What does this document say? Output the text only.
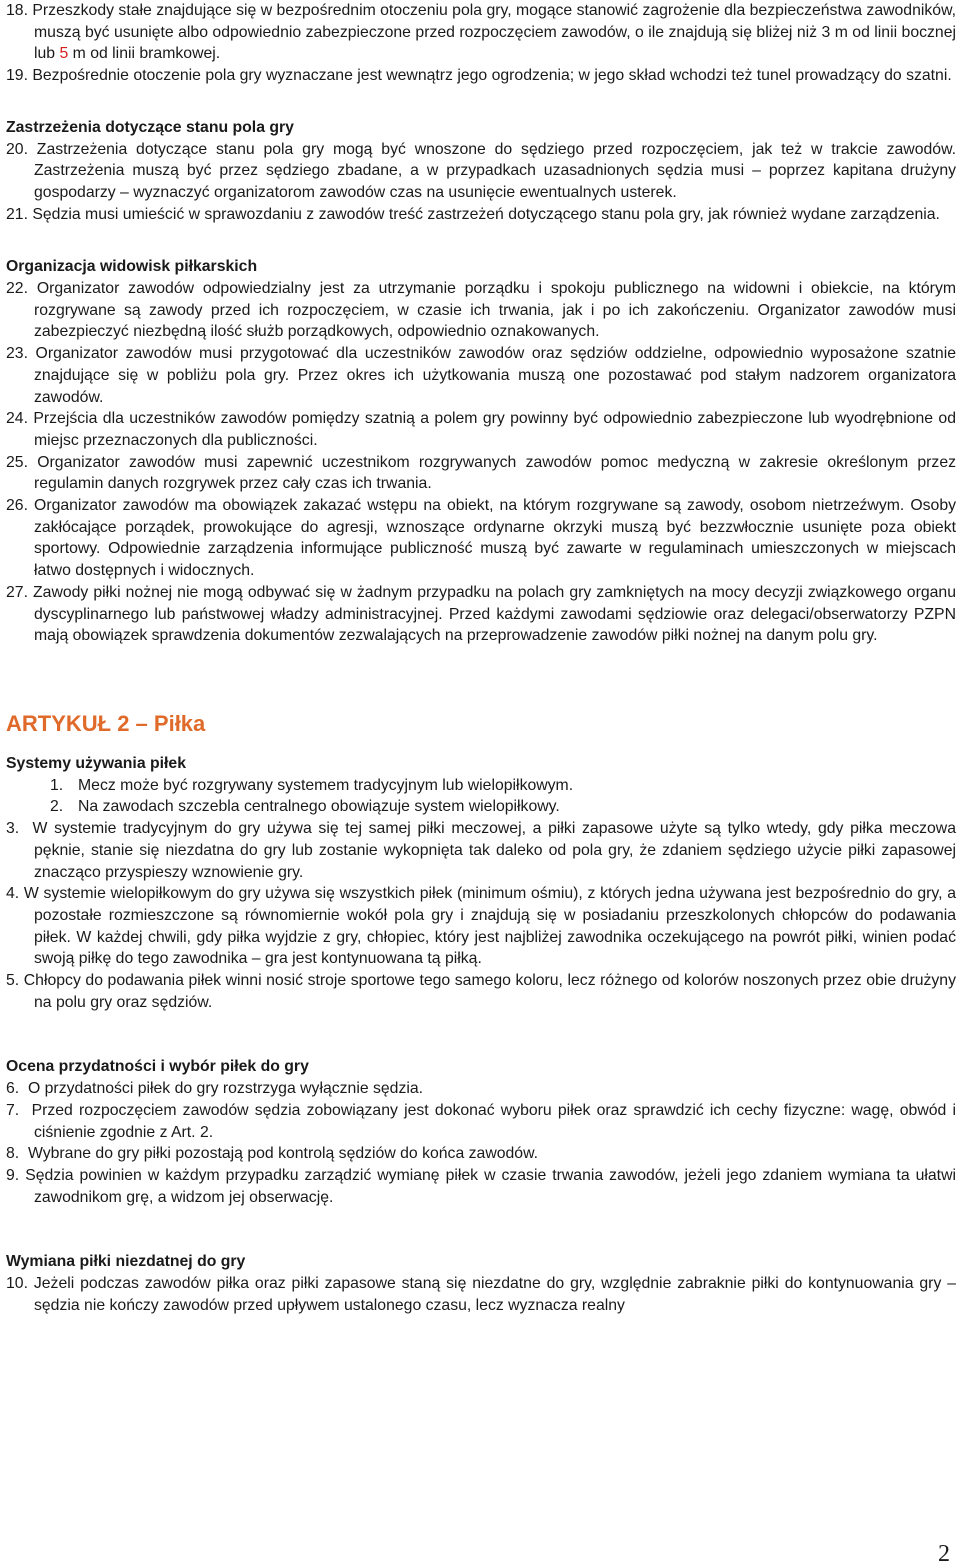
18. Przeszkody stałe znajdujące się w bezpośrednim otoczeniu pola gry, mogące stanowić zagrożenie dla bezpieczeństwa zawodników, muszą być usunięte albo odpowiednio zabezpieczone przed rozpoczęciem zawodów, o ile znajdują się bliżej niż 3 m od linii bocznej lub 5 m od linii bramkowej.

19. Bezpośrednie otoczenie pola gry wyznaczane jest wewnątrz jego ogrodzenia; w jego skład wchodzi też tunel prowadzący do szatni.

Zastrzeżenia dotyczące stanu pola gry

20. Zastrzeżenia dotyczące stanu pola gry mogą być wnoszone do sędziego przed rozpoczęciem, jak też w trakcie zawodów. Zastrzeżenia muszą być przez sędziego zbadane, a w przypadkach uzasadnionych sędzia musi – poprzez kapitana drużyny gospodarzy – wyznaczyć organizatorom zawodów czas na usunięcie ewentualnych usterek.

21. Sędzia musi umieścić w sprawozdaniu z zawodów treść zastrzeżeń dotyczącego stanu pola gry, jak również wydane zarządzenia.

Organizacja widowisk piłkarskich

22. Organizator zawodów odpowiedzialny jest za utrzymanie porządku i spokoju publicznego na widowni i obiekcie, na którym rozgrywane są zawody przed ich rozpoczęciem, w czasie ich trwania, jak i po ich zakończeniu. Organizator zawodów musi zabezpieczyć niezbędną ilość służb porządkowych, odpowiednio oznakowanych.

23. Organizator zawodów musi przygotować dla uczestników zawodów oraz sędziów oddzielne, odpowiednio wyposażone szatnie znajdujące się w pobliżu pola gry. Przez okres ich użytkowania muszą one pozostawać pod stałym nadzorem organizatora zawodów.

24. Przejścia dla uczestników zawodów pomiędzy szatnią a polem gry powinny być odpowiednio zabezpieczone lub wyodrębnione od miejsc przeznaczonych dla publiczności.

25. Organizator zawodów musi zapewnić uczestnikom rozgrywanych zawodów pomoc medyczną w zakresie określonym przez regulamin danych rozgrywek przez cały czas ich trwania.

26. Organizator zawodów ma obowiązek zakazać wstępu na obiekt, na którym rozgrywane są zawody, osobom nietrzeźwym. Osoby zakłócające porządek, prowokujące do agresji, wznoszące ordynarne okrzyki muszą być bezzwłocznie usunięte poza obiekt sportowy. Odpowiednie zarządzenia informujące publiczność muszą być zawarte w regulaminach umieszczonych w miejscach łatwo dostępnych i widocznych.

27. Zawody piłki nożnej nie mogą odbywać się w żadnym przypadku na polach gry zamkniętych na mocy decyzji związkowego organu dyscyplinarnego lub państwowej władzy administracyjnej. Przed każdymi zawodami sędziowie oraz delegaci/obserwatorzy PZPN mają obowiązek sprawdzenia dokumentów zezwalających na przeprowadzenie zawodów piłki nożnej na danym polu gry.

ARTYKUŁ 2 – Piłka

Systemy używania piłek

1. Mecz może być rozgrywany systemem tradycyjnym lub wielopiłkowym.

2. Na zawodach szczebla centralnego obowiązuje system wielopiłkowy.

3. W systemie tradycyjnym do gry używa się tej samej piłki meczowej, a piłki zapasowe użyte są tylko wtedy, gdy piłka meczowa pęknie, stanie się niezdatna do gry lub zostanie wykopnięta tak daleko od pola gry, że zdaniem sędziego użycie piłki zapasowej znacząco przyspieszy wznowienie gry.

4. W systemie wielopiłkowym do gry używa się wszystkich piłek (minimum ośmiu), z których jedna używana jest bezpośrednio do gry, a pozostałe rozmieszczone są równomiernie wokół pola gry i znajdują się w posiadaniu przeszkolonych chłopców do podawania piłek. W każdej chwili, gdy piłka wyjdzie z gry, chłopiec, który jest najbliżej zawodnika oczekującego na powrót piłki, winien podać swoją piłkę do tego zawodnika – gra jest kontynuowana tą piłką.

5. Chłopcy do podawania piłek winni nosić stroje sportowe tego samego koloru, lecz różnego od kolorów noszonych przez obie drużyny na polu gry oraz sędziów.

Ocena przydatności i wybór piłek do gry

6. O przydatności piłek do gry rozstrzyga wyłącznie sędzia.

7. Przed rozpoczęciem zawodów sędzia zobowiązany jest dokonać wyboru piłek oraz sprawdzić ich cechy fizyczne: wagę, obwód i ciśnienie zgodnie z Art. 2.

8. Wybrane do gry piłki pozostają pod kontrolą sędziów do końca zawodów.

9. Sędzia powinien w każdym przypadku zarządzić wymianę piłek w czasie trwania zawodów, jeżeli jego zdaniem wymiana ta ułatwi zawodnikom grę, a widzom jej obserwację.

Wymiana piłki niezdatnej do gry

10. Jeżeli podczas zawodów piłka oraz piłki zapasowe staną się niezdatne do gry, względnie zabraknie piłki do kontynuowania gry – sędzia nie kończy zawodów przed upływem ustalonego czasu, lecz wyznacza realny

2
